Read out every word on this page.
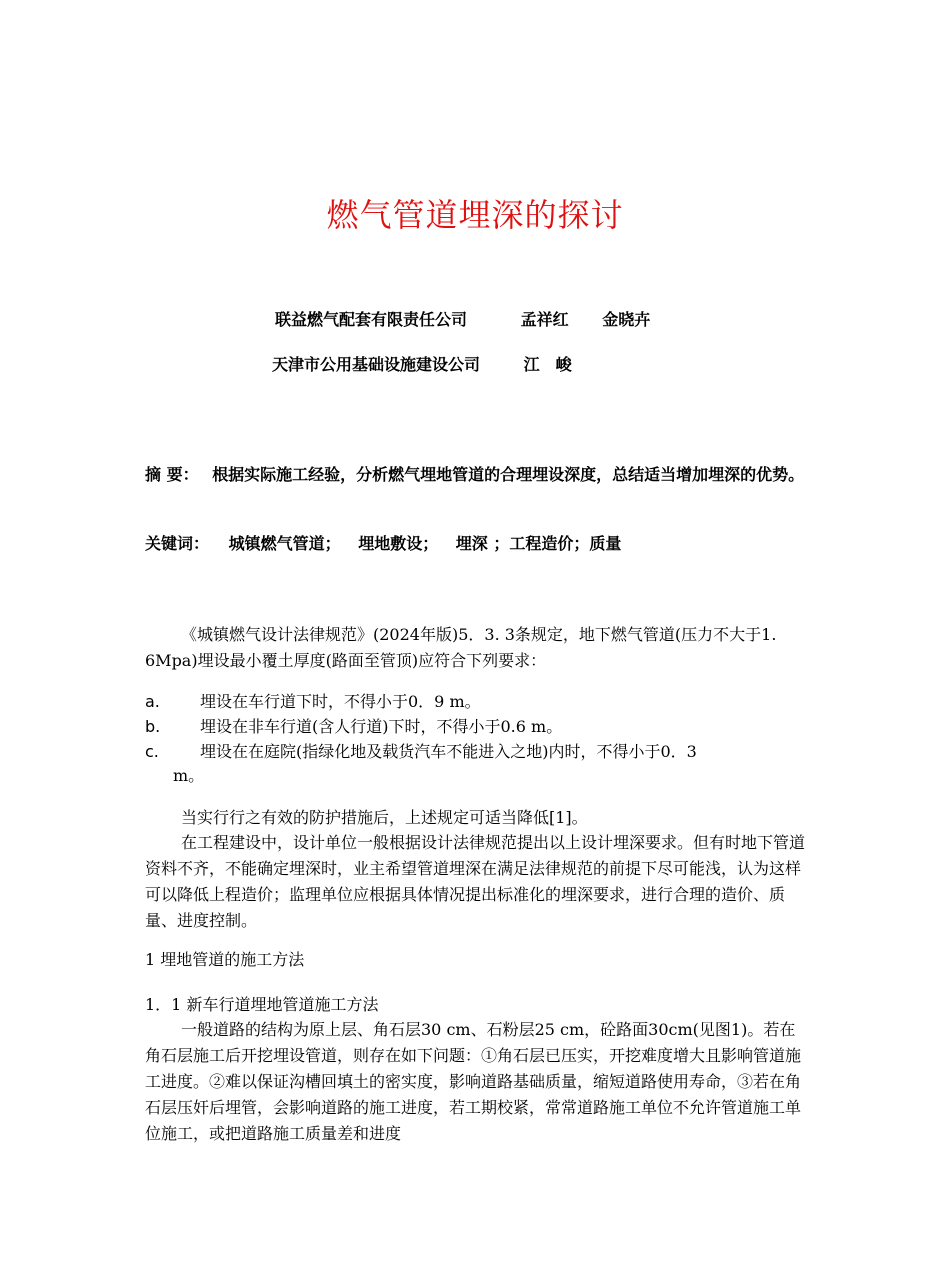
燃气管道埋深的探讨
联益燃气配套有限责任公司	孟祥红 金晓卉
天津市公用基础设施建设公司	江　峻
摘 要： 根据实际施工经验，分析燃气埋地管道的合理埋设深度，总结适当增加埋深的优势。
关键词： 城镇燃气管道； 埋地敷设； 埋深 ；工程造价；质量
《城镇燃气设计法律规范》(2024年版)5．3. 3条规定，地下燃气管道(压力不大于1. 6Mpa)埋设最小覆土厚度(路面至管顶)应符合下列要求：
a.	埋设在车行道下时，不得小于0．9 m。
b. 埋设在非车行道(含人行道)下时，不得小于0.6 m。
c.	埋设在在庭院(指绿化地及载货汽车不能进入之地)内时，不得小于0．3
m。
当实行行之有效的防护措施后，上述规定可适当降低[1]。
在工程建设中，设计单位一般根据设计法律规范提出以上设计埋深要求。但有时地下管道资料不齐，不能确定埋深时，业主希望管道埋深在满足法律规范的前提下尽可能浅，认为这样可以降低上程造价；监理单位应根据具体情况提出标准化的埋深要求，进行合理的造价、质量、进度控制。
1 埋地管道的施工方法
1．1 新车行道埋地管道施工方法
一般道路的结构为原上层、角石层30 cm、石粉层25 cm，砼路面30cm(见图1)。若在角石层施工后开挖埋设管道，则存在如下问题：①角石层已压实，开挖难度增大且影响管道施工进度。②难以保证沟槽回填土的密实度，影响道路基础质量，缩短道路使用寿命，③若在角石层压奸后埋管，会影响道路的施工进度，若工期校紧，常常道路施工单位不允许管道施工单位施工，或把道路施工质量差和进度
